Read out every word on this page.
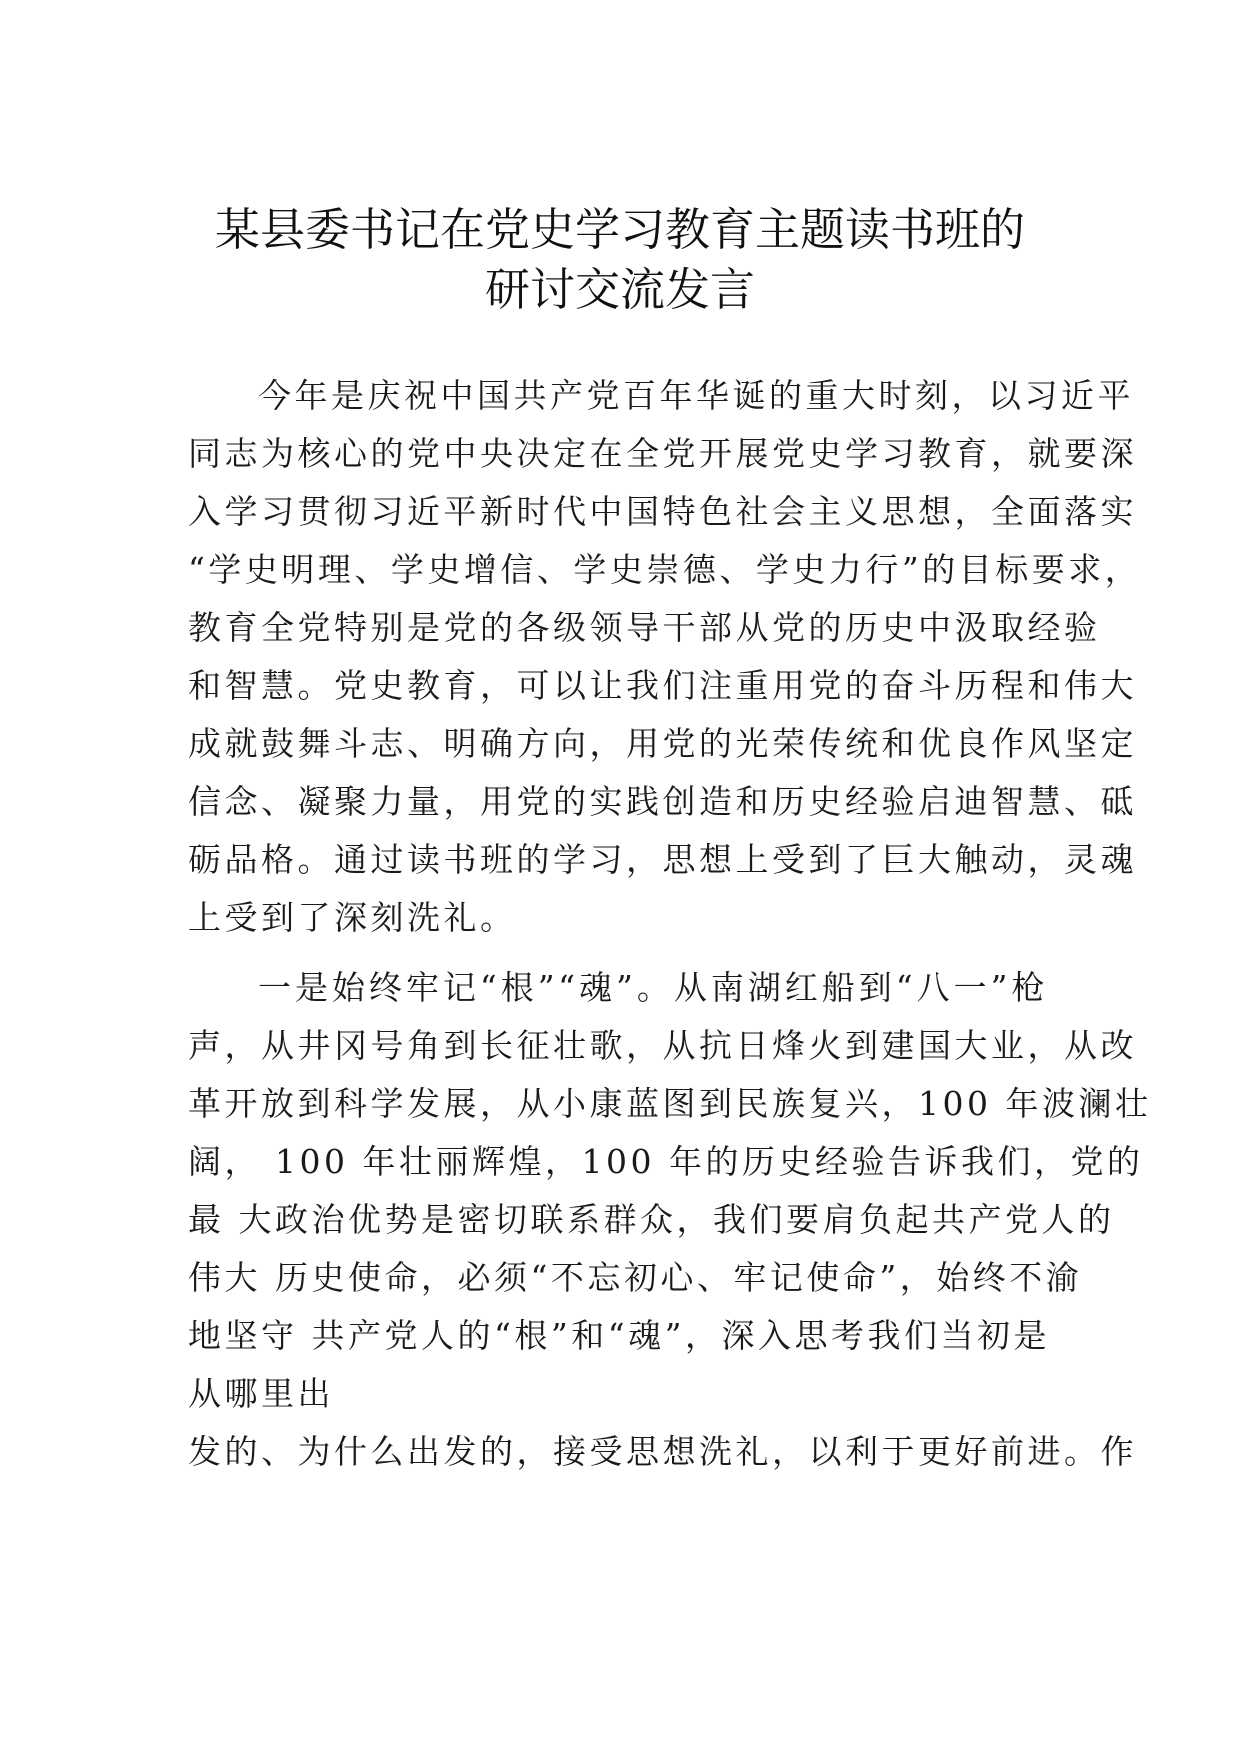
某县委书记在党史学习教育主题读书班的
研讨交流发言
今年是庆祝中国共产党百年华诞的重大时刻，以习近平
同志为核心的党中央决定在全党开展党史学习教育，就要深
入学习贯彻习近平新时代中国特色社会主义思想，全面落实
“学史明理、学史增信、学史崇德、学史力行”的目标要求，
教育全党特别是党的各级领导干部从党的历史中汲取经验
和智慧。党史教育，可以让我们注重用党的奋斗历程和伟大
成就鼓舞斗志、明确方向，用党的光荣传统和优良作风坚定
信念、凝聚力量，用党的实践创造和历史经验启迪智慧、砥
砺品格。通过读书班的学习，思想上受到了巨大触动，灵魂
上受到了深刻洗礼。
一是始终牢记“根”“魂”。从南湖红船到“八一”枪
声，从井冈号角到长征壮歌，从抗日烽火到建国大业，从改
革开放到科学发展，从小康蓝图到民族复兴，100 年波澜壮
阔， 100 年壮丽辉煌，100 年的历史经验告诉我们，党的
最 大政治优势是密切联系群众，我们要肩负起共产党人的
伟大 历史使命，必须“不忘初心、牢记使命”，始终不渝
地坚守 共产党人的“根”和“魂”，深入思考我们当初是
从哪里出
发的、为什么出发的，接受思想洗礼，以利于更好前进。作
